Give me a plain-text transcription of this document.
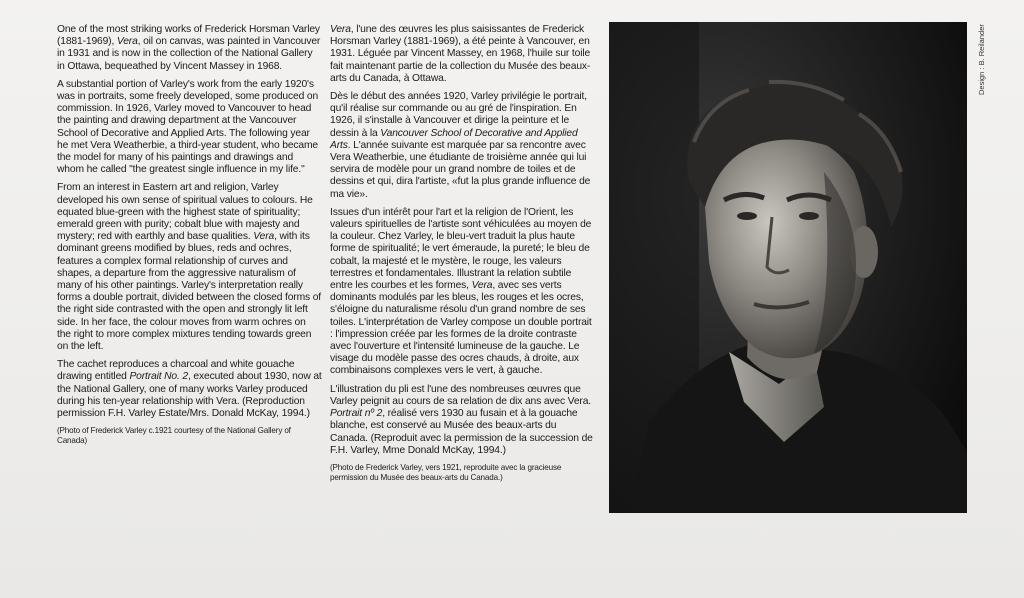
One of the most striking works of Frederick Horsman Varley (1881-1969), Vera, oil on canvas, was painted in Vancouver in 1931 and is now in the collection of the National Gallery in Ottawa, bequeathed by Vincent Massey in 1968.

A substantial portion of Varley's work from the early 1920's was in portraits, some freely developed, some produced on commission. In 1926, Varley moved to Vancouver to head the painting and drawing department at the Vancouver School of Decorative and Applied Arts. The following year he met Vera Weatherbie, a third-year student, who became the model for many of his paintings and drawings and whom he called "the greatest single influence in my life."

From an interest in Eastern art and religion, Varley developed his own sense of spiritual values to colours. He equated blue-green with the highest state of spirituality; emerald green with purity; cobalt blue with majesty and mystery; red with earthly and base qualities. Vera, with its dominant greens modified by blues, reds and ochres, features a complex formal relationship of curves and shapes, a departure from the aggressive naturalism of many of his other paintings. Varley's interpretation really forms a double portrait, divided between the closed forms of the right side contrasted with the open and strongly lit left side. In her face, the colour moves from warm ochres on the right to more complex mixtures tending towards green on the left.

The cachet reproduces a charcoal and white gouache drawing entitled Portrait No. 2, executed about 1930, now at the National Gallery, one of many works Varley produced during his ten-year relationship with Vera. (Reproduction permission F.H. Varley Estate/Mrs. Donald McKay, 1994.)

(Photo of Frederick Varley c.1921 courtesy of the National Gallery of Canada)

Vera, l'une des œuvres les plus saisissantes de Frederick Horsman Varley (1881-1969), a été peinte à Vancouver, en 1931. Léguée par Vincent Massey, en 1968, l'huile sur toile fait maintenant partie de la collection du Musée des beaux-arts du Canada, à Ottawa.

Dès le début des années 1920, Varley privilégie le portrait, qu'il réalise sur commande ou au gré de l'inspiration. En 1926, il s'installe à Vancouver et dirige la peinture et le dessin à la Vancouver School of Decorative and Applied Arts. L'année suivante est marquée par sa rencontre avec Vera Weatherbie, une étudiante de troisième année qui lui servira de modèle pour un grand nombre de toiles et de dessins et qui, dira l'artiste, «fut la plus grande influence de ma vie».

Issues d'un intérêt pour l'art et la religion de l'Orient, les valeurs spirituelles de l'artiste sont véhiculées au moyen de la couleur. Chez Varley, le bleu-vert traduit la plus haute forme de spiritualité; le vert émeraude, la pureté; le bleu de cobalt, la majesté et le mystère, le rouge, les valeurs terrestres et fondamentales. Illustrant la relation subtile entre les courbes et les formes, Vera, avec ses verts dominants modulés par les bleus, les rouges et les ocres, s'éloigne du naturalisme résolu d'un grand nombre de ses toiles. L'interprétation de Varley compose un double portrait : l'impression créée par les formes de la droite contraste avec l'ouverture et l'intensité lumineuse de la gauche. Le visage du modèle passe des ocres chauds, à droite, aux combinaisons complexes vers le vert, à gauche.

L'illustration du pli est l'une des nombreuses œuvres que Varley peignit au cours de sa relation de dix ans avec Vera. Portrait nº 2, réalisé vers 1930 au fusain et à la gouache blanche, est conservé au Musée des beaux-arts du Canada. (Reproduit avec la permission de la succession de F.H. Varley, Mme Donald McKay, 1994.)

(Photo de Frederick Varley, vers 1921, reproduite avec la gracieuse permission du Musée des beaux-arts du Canada.)

Design : B. Reilander
